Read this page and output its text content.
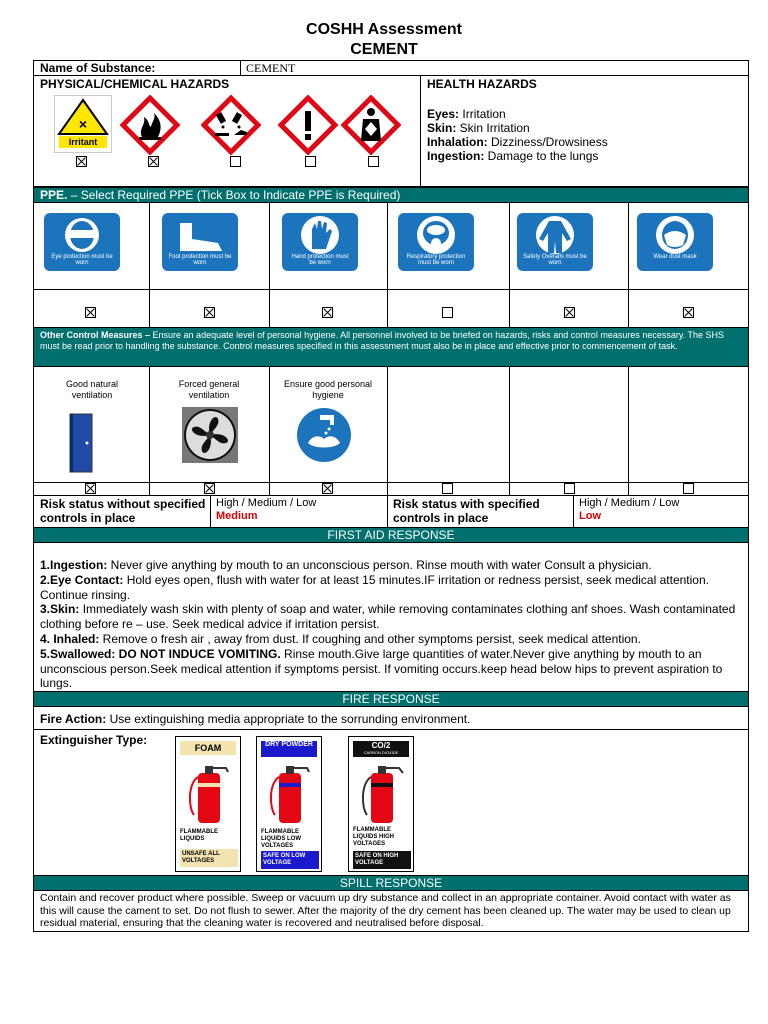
COSHH Assessment
CEMENT
Name of Substance:	CEMENT
PHYSICAL/CHEMICAL HAZARDS	HEALTH HAZARDS
×
Irritant
Eyes: Irritation
Skin: Skin Irritation
Inhalation: Dizziness/Drowsiness
Ingestion: Damage to the lungs
PPE. – Select Required PPE (Tick Box to Indicate PPE is Required)
Eye protection must be worn
Foot protection must be worn
Hand protection must be worn
Respiratory protection must be worn
Safety Overalls must be worn
Wear dust mask
Other Control Measures – Ensure an adequate level of personal hygiene. All personnel involved to be briefed on hazards, risks and control measures necessary. The SHS must be read prior to handling the substance. Control measures specified in this assessment must also be in place and effective prior to commencement of task.
Good natural ventilation
Forced general ventilation
Ensure good personal hygiene
Risk status without specified controls in place
High / Medium / Low
Medium
Risk status with specified controls in place
High / Medium / Low
Low
FIRST AID RESPONSE
1.Ingestion: Never give anything by mouth to an unconscious person. Rinse mouth with water Consult a physician.
2.Eye Contact: Hold eyes open, flush with water for at least 15 minutes.IF irritation or redness persist, seek medical attention. Continue rinsing.
3.Skin: Immediately wash skin with plenty of soap and water, while removing contaminates clothing anf shoes. Wash contaminated clothing before re – use. Seek medical advice if irritation persist.
4. Inhaled: Remove o fresh air , away from dust. If coughing and other symptoms persist, seek medical attention.
5.Swallowed: DO NOT INDUCE VOMITING. Rinse mouth.Give large quantities of water.Never give anything by mouth to an unconscious person.Seek medical attention if symptoms persist. If vomiting occurs.keep head below hips to prevent aspiration to lungs.
FIRE RESPONSE
Fire Action: Use extinguishing media appropriate to the sorrunding environment.
Extinguisher Type:
FOAM
FLAMMABLE LIQUIDS
UNSAFE ALL VOLTAGES
DRY POWDER
FLAMMABLE LIQUIDS LOW VOLTAGES
SAFE ON LOW VOLTAGE
CO/2
CARBON DIOXIDE
FLAMMABLE LIQUIDS HIGH VOLTAGES
SAFE ON HIGH VOLTAGE
SPILL RESPONSE
Contain and recover product where possible. Sweep or vacuum up dry substance and collect in an appropriate container. Avoid contact with water as this will cause the cament to set. Do not flush to sewer. After the majority of the dry cement has been cleaned up. The water may be used to clean up residual material, ensuring that the cleaning water is recovered and neutralised before disposal.
